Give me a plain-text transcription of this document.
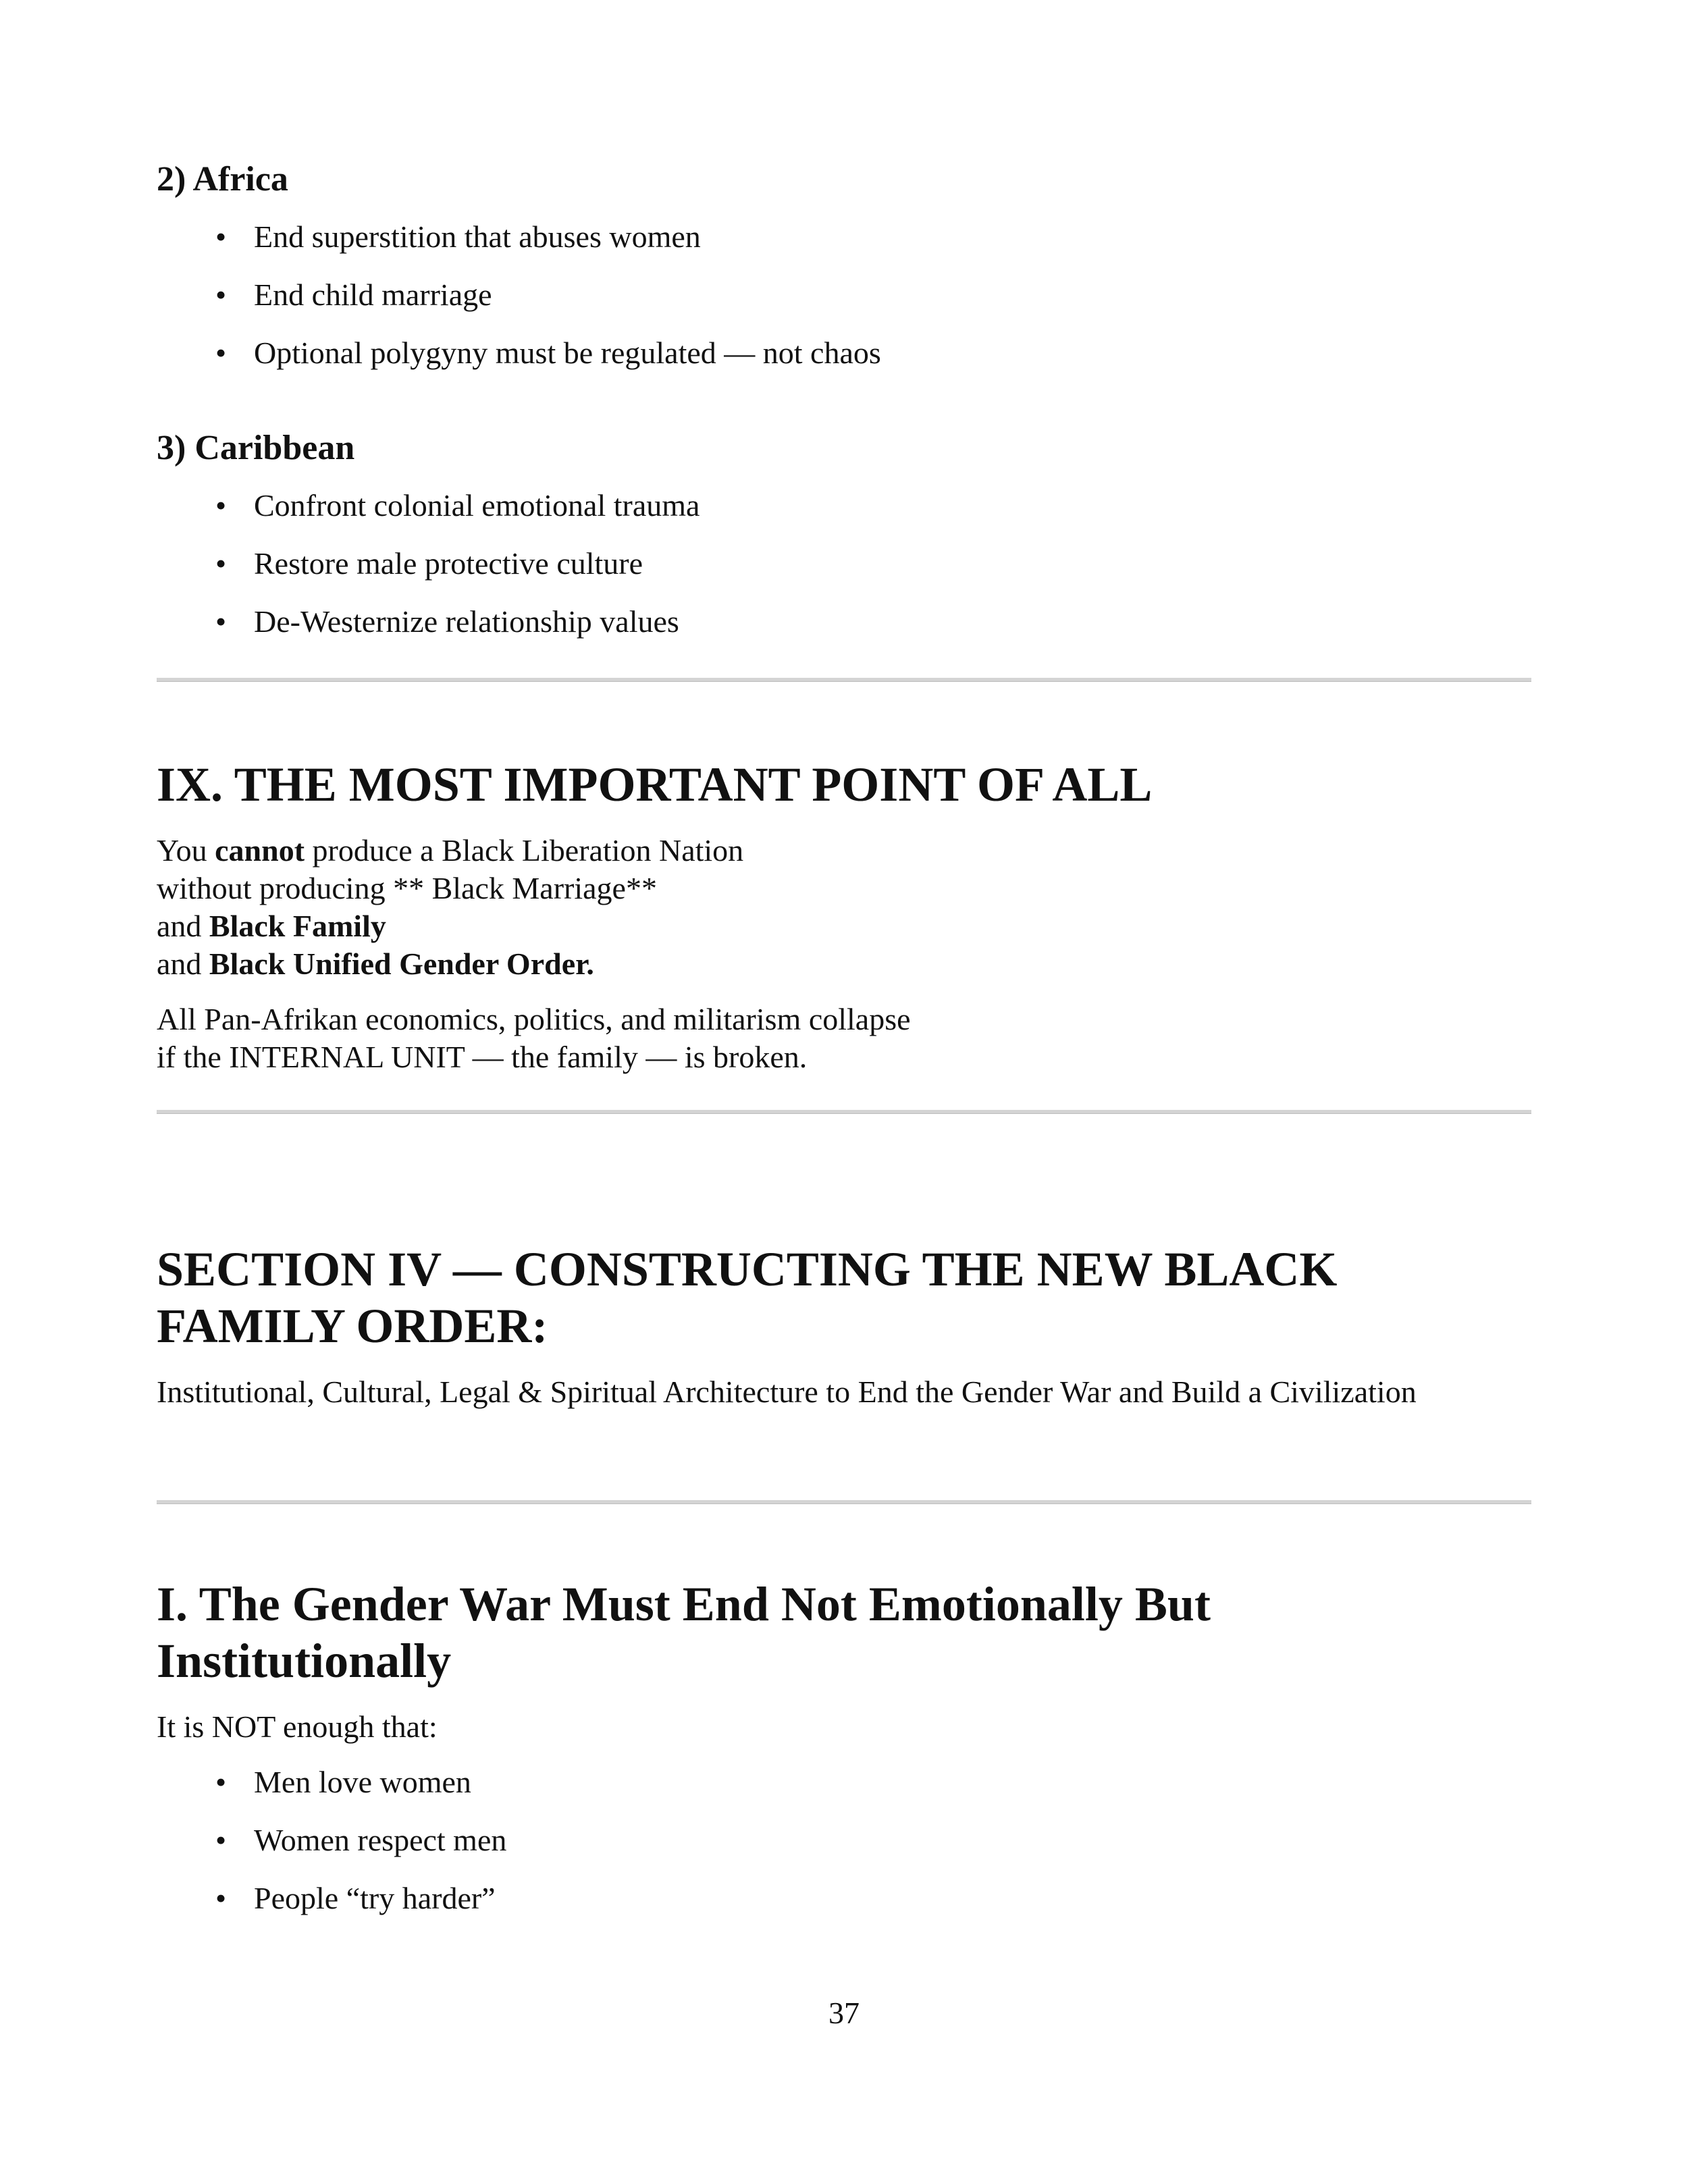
2) Africa
• End superstition that abuses women
• End child marriage
• Optional polygyny must be regulated — not chaos
3) Caribbean
• Confront colonial emotional trauma
• Restore male protective culture
• De-Westernize relationship values
IX. THE MOST IMPORTANT POINT OF ALL
You cannot produce a Black Liberation Nation
without producing ** Black Marriage**
and Black Family
and Black Unified Gender Order.
All Pan-Afrikan economics, politics, and militarism collapse
if the INTERNAL UNIT — the family — is broken.
SECTION IV — CONSTRUCTING THE NEW BLACK
FAMILY ORDER:
Institutional, Cultural, Legal & Spiritual Architecture to End the Gender War and Build a Civilization
I. The Gender War Must End Not Emotionally But
Institutionally
It is NOT enough that:
• Men love women
• Women respect men
• People “try harder”
37
